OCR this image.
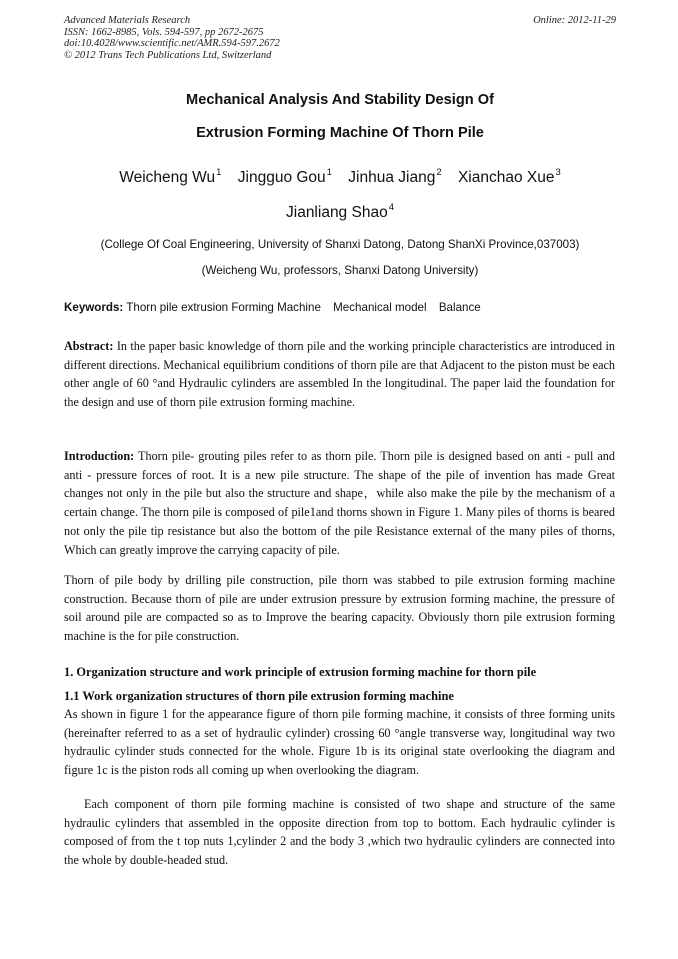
Advanced Materials Research
ISSN: 1662-8985, Vols. 594-597, pp 2672-2675
doi:10.4028/www.scientific.net/AMR.594-597.2672
© 2012 Trans Tech Publications Ltd, Switzerland
Online: 2012-11-29
Mechanical Analysis And Stability Design Of
Extrusion Forming Machine Of Thorn Pile
Weicheng Wu$^1$ Jingguo Gou$^1$ Jinhua Jiang$^2$ Xianchao Xue$^3$
Jianliang Shao$^4$
(College Of Coal Engineering, University of Shanxi Datong, Datong ShanXi Province,037003)
(Weicheng Wu, professors, Shanxi Datong University)
Keywords: Thorn pile extrusion Forming Machine Mechanical model Balance

Abstract: In the paper basic knowledge of thorn pile and the working principle characteristics are introduced in different directions. Mechanical equilibrium conditions of thorn pile are that Adjacent to the piston must be each other angle of 60 °and Hydraulic cylinders are assembled In the longitudinal. The paper laid the foundation for the design and use of thorn pile extrusion forming machine.

Introduction: Thorn pile- grouting piles refer to as thorn pile. Thorn pile is designed based on anti - pull and anti - pressure forces of root. It is a new pile structure. The shape of the pile of invention has made Great changes not only in the pile but also the structure and shape，while also make the pile by the mechanism of a certain change. The thorn pile is composed of pile1and thorns shown in Figure 1. Many piles of thorns is beared not only the pile tip resistance but also the bottom of the pile Resistance external of the many piles of thorns, Which can greatly improve the carrying capacity of pile.

Thorn of pile body by drilling pile construction, pile thorn was stabbed to pile extrusion forming machine construction. Because thorn of pile are under extrusion pressure by extrusion forming machine, the pressure of soil around pile are compacted so as to Improve the bearing capacity. Obviously thorn pile extrusion forming machine is the for pile construction.

1. Organization structure and work principle of extrusion forming machine for thorn pile
1.1 Work organization structures of thorn pile extrusion forming machine

As shown in figure 1 for the appearance figure of thorn pile forming machine, it consists of three forming units (hereinafter referred to as a set of hydraulic cylinder) crossing 60 °angle transverse way, longitudinal way two hydraulic cylinder studs connected for the whole. Figure 1b is its original state overlooking the diagram and figure 1c is the piston rods all coming up when overlooking the diagram.

Each component of thorn pile forming machine is consisted of two shape and structure of the same hydraulic cylinders that assembled in the opposite direction from top to bottom. Each hydraulic cylinder is composed of from the t top nuts 1,cylinder 2 and the body 3 ,which two hydraulic cylinders are connected into the whole by double-headed stud.
